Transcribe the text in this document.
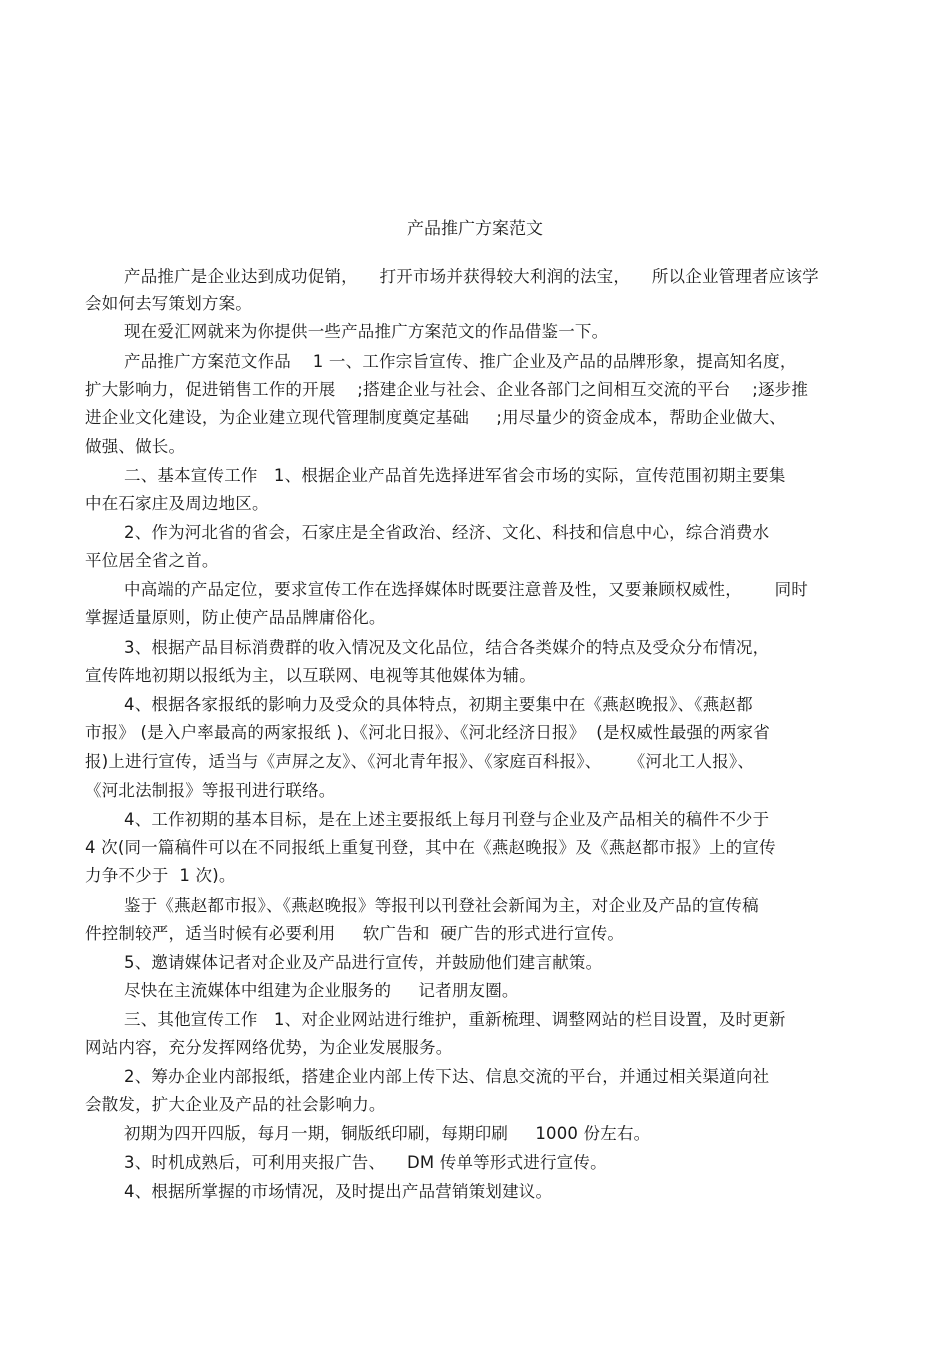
产品推广方案范文
产品推广是企业达到成功促销，    打开市场并获得较大利润的法宝，    所以企业管理者应该学
会如何去写策划方案。
现在爱汇网就来为你提供一些产品推广方案范文的作品借鉴一下。
产品推广方案范文作品    1 一、工作宗旨宣传、推广企业及产品的品牌形象，提高知名度，
扩大影响力，促进销售工作的开展    ;搭建企业与社会、企业各部门之间相互交流的平台    ;逐步推
进企业文化建设，为企业建立现代管理制度奠定基础     ;用尽量少的资金成本，帮助企业做大、
做强、做长。
二、基本宣传工作   1、根据企业产品首先选择进军省会市场的实际，宣传范围初期主要集
中在石家庄及周边地区。
2、作为河北省的省会，石家庄是全省政治、经济、文化、科技和信息中心，综合消费水
平位居全省之首。
中高端的产品定位，要求宣传工作在选择媒体时既要注意普及性，又要兼顾权威性，      同时
掌握适量原则，防止使产品品牌庸俗化。
3、根据产品目标消费群的收入情况及文化品位，结合各类媒介的特点及受众分布情况，
宣传阵地初期以报纸为主，以互联网、电视等其他媒体为辅。
4、根据各家报纸的影响力及受众的具体特点，初期主要集中在《燕赵晚报》、《燕赵都
市报》 (是入户率最高的两家报纸 )、《河北日报》、《河北经济日报》  (是权威性最强的两家省
报)上进行宣传，适当与《声屏之友》、《河北青年报》、《家庭百科报》、     《河北工人报》、
《河北法制报》等报刊进行联络。
4、工作初期的基本目标，是在上述主要报纸上每月刊登与企业及产品相关的稿件不少于
4 次(同一篇稿件可以在不同报纸上重复刊登，其中在《燕赵晚报》及《燕赵都市报》上的宣传
力争不少于  1 次)。
鉴于《燕赵都市报》、《燕赵晚报》等报刊以刊登社会新闻为主，对企业及产品的宣传稿
件控制较严，适当时候有必要利用     软广告和  硬广告的形式进行宣传。
5、邀请媒体记者对企业及产品进行宣传，并鼓励他们建言献策。
尽快在主流媒体中组建为企业服务的     记者朋友圈。
三、其他宣传工作   1、对企业网站进行维护，重新梳理、调整网站的栏目设置，及时更新
网站内容，充分发挥网络优势，为企业发展服务。
2、筹办企业内部报纸，搭建企业内部上传下达、信息交流的平台，并通过相关渠道向社
会散发，扩大企业及产品的社会影响力。
初期为四开四版，每月一期，铜版纸印刷，每期印刷     1000 份左右。
3、时机成熟后，可利用夹报广告、    DM 传单等形式进行宣传。
4、根据所掌握的市场情况，及时提出产品营销策划建议。
